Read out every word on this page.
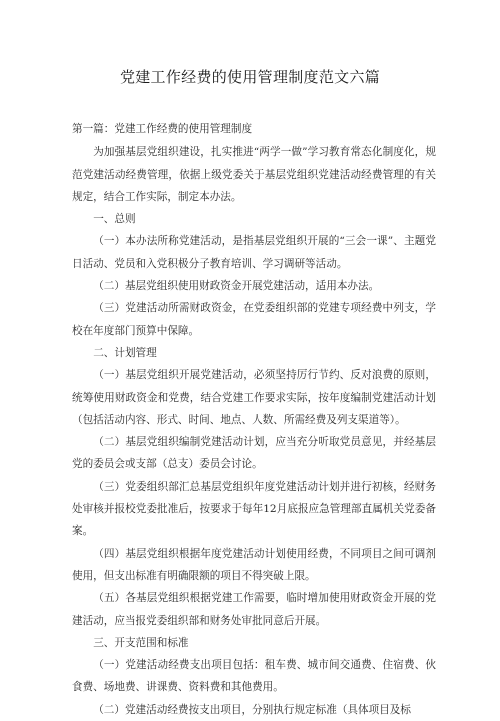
党建工作经费的使用管理制度范文六篇

第一篇：党建工作经费的使用管理制度

为加强基层党组织建设，扎实推进“两学一做”学习教育常态化制度化，规范党建活动经费管理，依据上级党委关于基层党组织党建活动经费管理的有关规定，结合工作实际，制定本办法。

一、总则

（一）本办法所称党建活动，是指基层党组织开展的“三会一课”、主题党日活动、党员和入党积极分子教育培训、学习调研等活动。

（二）基层党组织使用财政资金开展党建活动，适用本办法。

（三）党建活动所需财政资金，在党委组织部的党建专项经费中列支，学校在年度部门预算中保障。

二、计划管理

（一）基层党组织开展党建活动，必须坚持厉行节约、反对浪费的原则，统筹使用财政资金和党费，结合党建工作要求实际，按年度编制党建活动计划（包括活动内容、形式、时间、地点、人数、所需经费及列支渠道等）。

（二）基层党组织编制党建活动计划，应当充分听取党员意见，并经基层党的委员会或支部（总支）委员会讨论。

（三）党委组织部汇总基层党组织年度党建活动计划并进行初核，经财务处审核并报校党委批准后，按要求于每年12月底报应急管理部直属机关党委备案。

（四）基层党组织根据年度党建活动计划使用经费，不同项目之间可调剂使用，但支出标准有明确限额的项目不得突破上限。

（五）各基层党组织根据党建工作需要，临时增加使用财政资金开展的党建活动，应当报党委组织部和财务处审批同意后开展。

三、开支范围和标准

（一）党建活动经费支出项目包括：租车费、城市间交通费、住宿费、伙食费、场地费、讲课费、资料费和其他费用。

（二）党建活动经费按支出项目，分别执行规定标准（具体项目及标
